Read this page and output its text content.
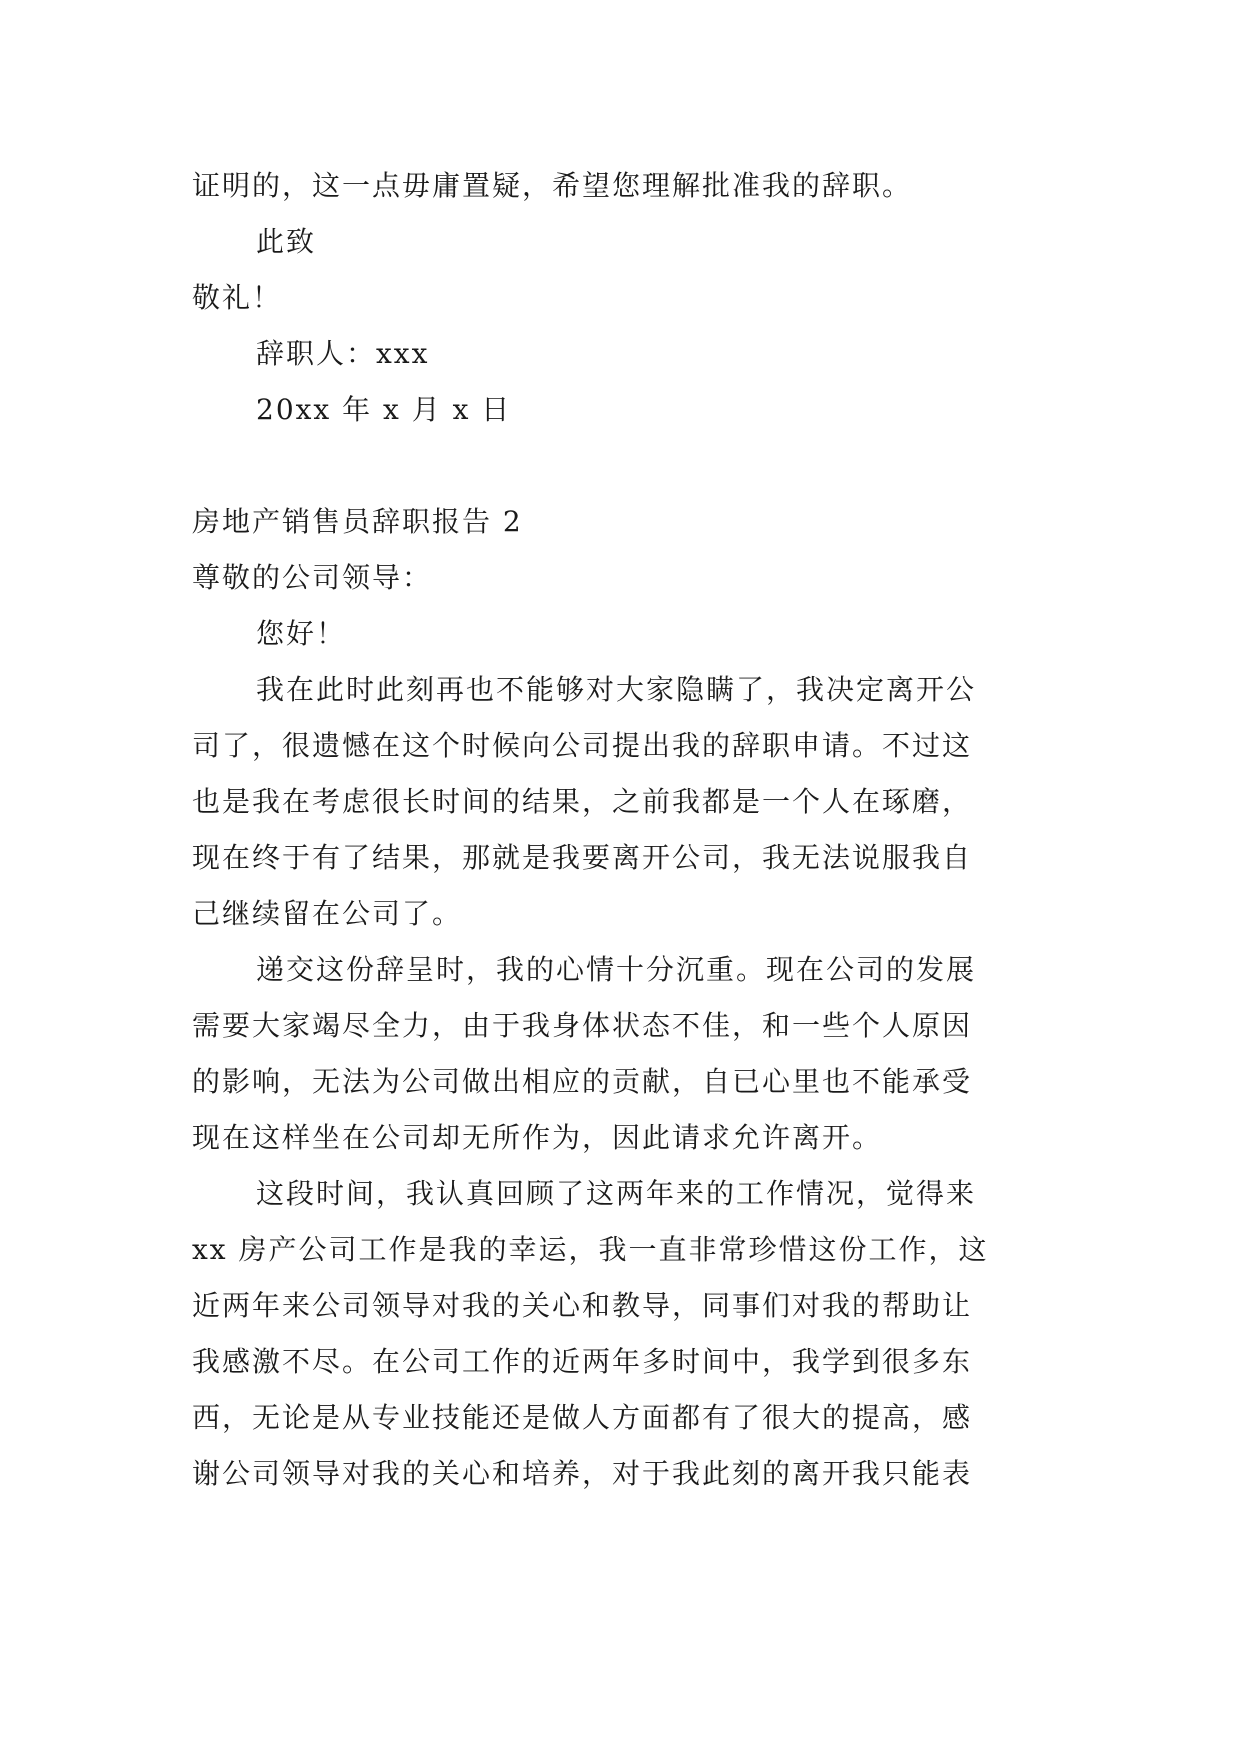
证明的，这一点毋庸置疑，希望您理解批准我的辞职。
此致
敬礼！
辞职人：xxx
20xx 年 x 月 x 日
房地产销售员辞职报告 2
尊敬的公司领导：
您好！
我在此时此刻再也不能够对大家隐瞒了，我决定离开公
司了，很遗憾在这个时候向公司提出我的辞职申请。不过这
也是我在考虑很长时间的结果，之前我都是一个人在琢磨，
现在终于有了结果，那就是我要离开公司，我无法说服我自
己继续留在公司了。
递交这份辞呈时，我的心情十分沉重。现在公司的发展
需要大家竭尽全力，由于我身体状态不佳，和一些个人原因
的影响，无法为公司做出相应的贡献，自已心里也不能承受
现在这样坐在公司却无所作为，因此请求允许离开。
这段时间，我认真回顾了这两年来的工作情况，觉得来
xx 房产公司工作是我的幸运，我一直非常珍惜这份工作，这
近两年来公司领导对我的关心和教导，同事们对我的帮助让
我感激不尽。在公司工作的近两年多时间中，我学到很多东
西，无论是从专业技能还是做人方面都有了很大的提高，感
谢公司领导对我的关心和培养，对于我此刻的离开我只能表
